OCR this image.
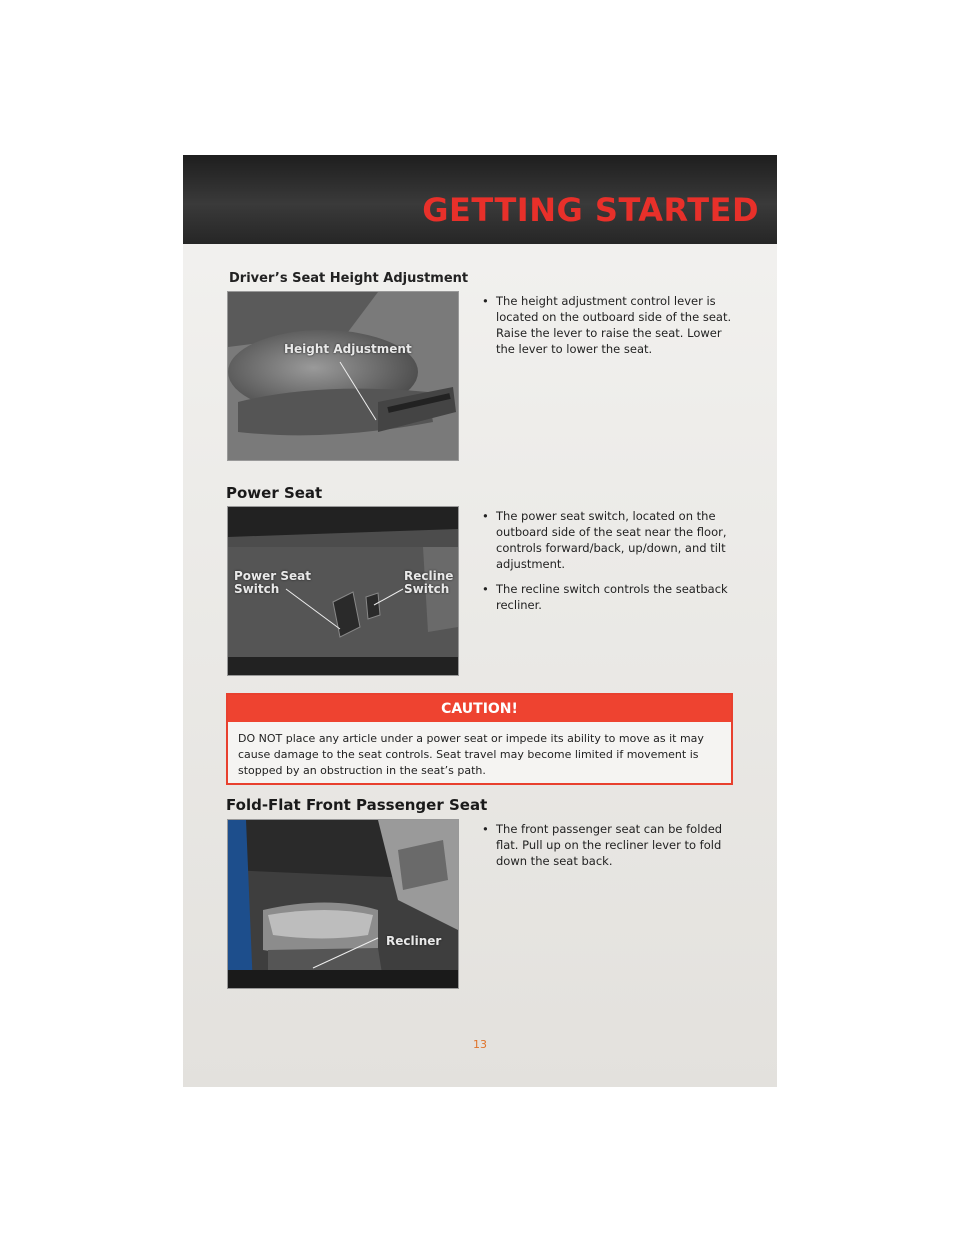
GETTING STARTED
Driver’s Seat Height Adjustment
Height Adjustment
• The height adjustment control lever is located on the outboard side of the seat. Raise the lever to raise the seat. Lower the lever to lower the seat.
Power Seat
Power Seat Switch
Recline Switch
• The power seat switch, located on the outboard side of the seat near the floor, controls forward/back, up/down, and tilt adjustment.
• The recline switch controls the seatback recliner.
CAUTION!
DO NOT place any article under a power seat or impede its ability to move as it may cause damage to the seat controls. Seat travel may become limited if movement is stopped by an obstruction in the seat’s path.
Fold-Flat Front Passenger Seat
Recliner
• The front passenger seat can be folded flat. Pull up on the recliner lever to fold down the seat back.
13
